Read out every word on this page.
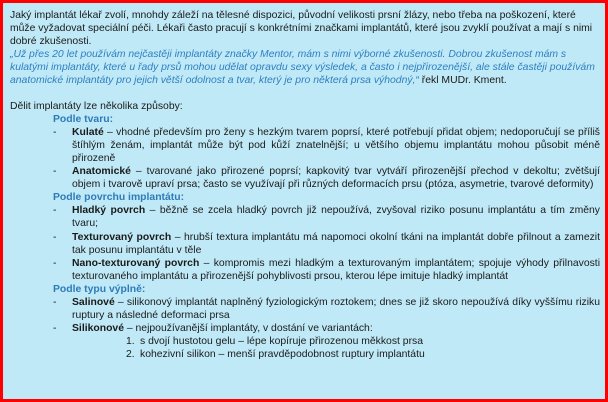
Jaký implantát lékař zvolí, mnohdy záleží na tělesné dispozici, původní velikosti prsní žlázy, nebo třeba na poškození, které může vyžadovat speciální péči. Lékaři často pracují s konkrétními značkami implantátů, které jsou zvyklí používat a mají s nimi dobré zkušenosti.

„Už přes 20 let používám nejčastěji implantáty značky Mentor, mám s nimi výborné zkušenosti. Dobrou zkušenost mám s kulatými implantáty, které u řady prsů mohou udělat opravdu sexy výsledek, a často i nejpřirozenější, ale stále častěji používám anatomické implantáty pro jejich větší odolnost a tvar, který je pro některá prsa výhodný,“ řekl MUDr. Kment.

Dělit implantáty lze několika způsoby:

Podle tvaru:
- Kulaté – vhodné především pro ženy s hezkým tvarem poprsí, které potřebují přidat objem; nedoporučují se příliš štíhlým ženám, implantát může být pod kůží znatelnější; u většího objemu implantátu mohou působit méně přirozeně
- Anatomické – tvarované jako přirozené poprsí; kapkovitý tvar vytváří přirozenější přechod v dekoltu; zvětšují objem i tvarově upraví prsa; často se využívají při různých deformacích prsu (ptóza, asymetrie, tvarové deformity)
Podle povrchu implantátu:
- Hladký povrch – běžně se zcela hladký povrch již nepoužívá, zvyšoval riziko posunu implantátu a tím změny tvaru;
- Texturovaný povrch – hrubší textura implantátu má napomoci okolní tkáni na implantát dobře přilnout a zamezit tak posunu implantátu v těle
- Nano-texturovaný povrch – kompromis mezi hladkým a texturovaným implantátem; spojuje výhody přilnavosti texturovaného implantátu a přirozenější pohyblivosti prsou, kterou lépe imituje hladký implantát
Podle typu výplně:
- Salinové – silikonový implantát naplněný fyziologickým roztokem; dnes se již skoro nepoužívá díky vyššímu riziku ruptury a následné deformaci prsa
- Silikonové – nejpoužívanější implantáty, v dostání ve variantách:
1. s dvojí hustotou gelu – lépe kopíruje přirozenou měkkost prsa
2. kohezivní silikon – menší pravděpodobnost ruptury implantátu
